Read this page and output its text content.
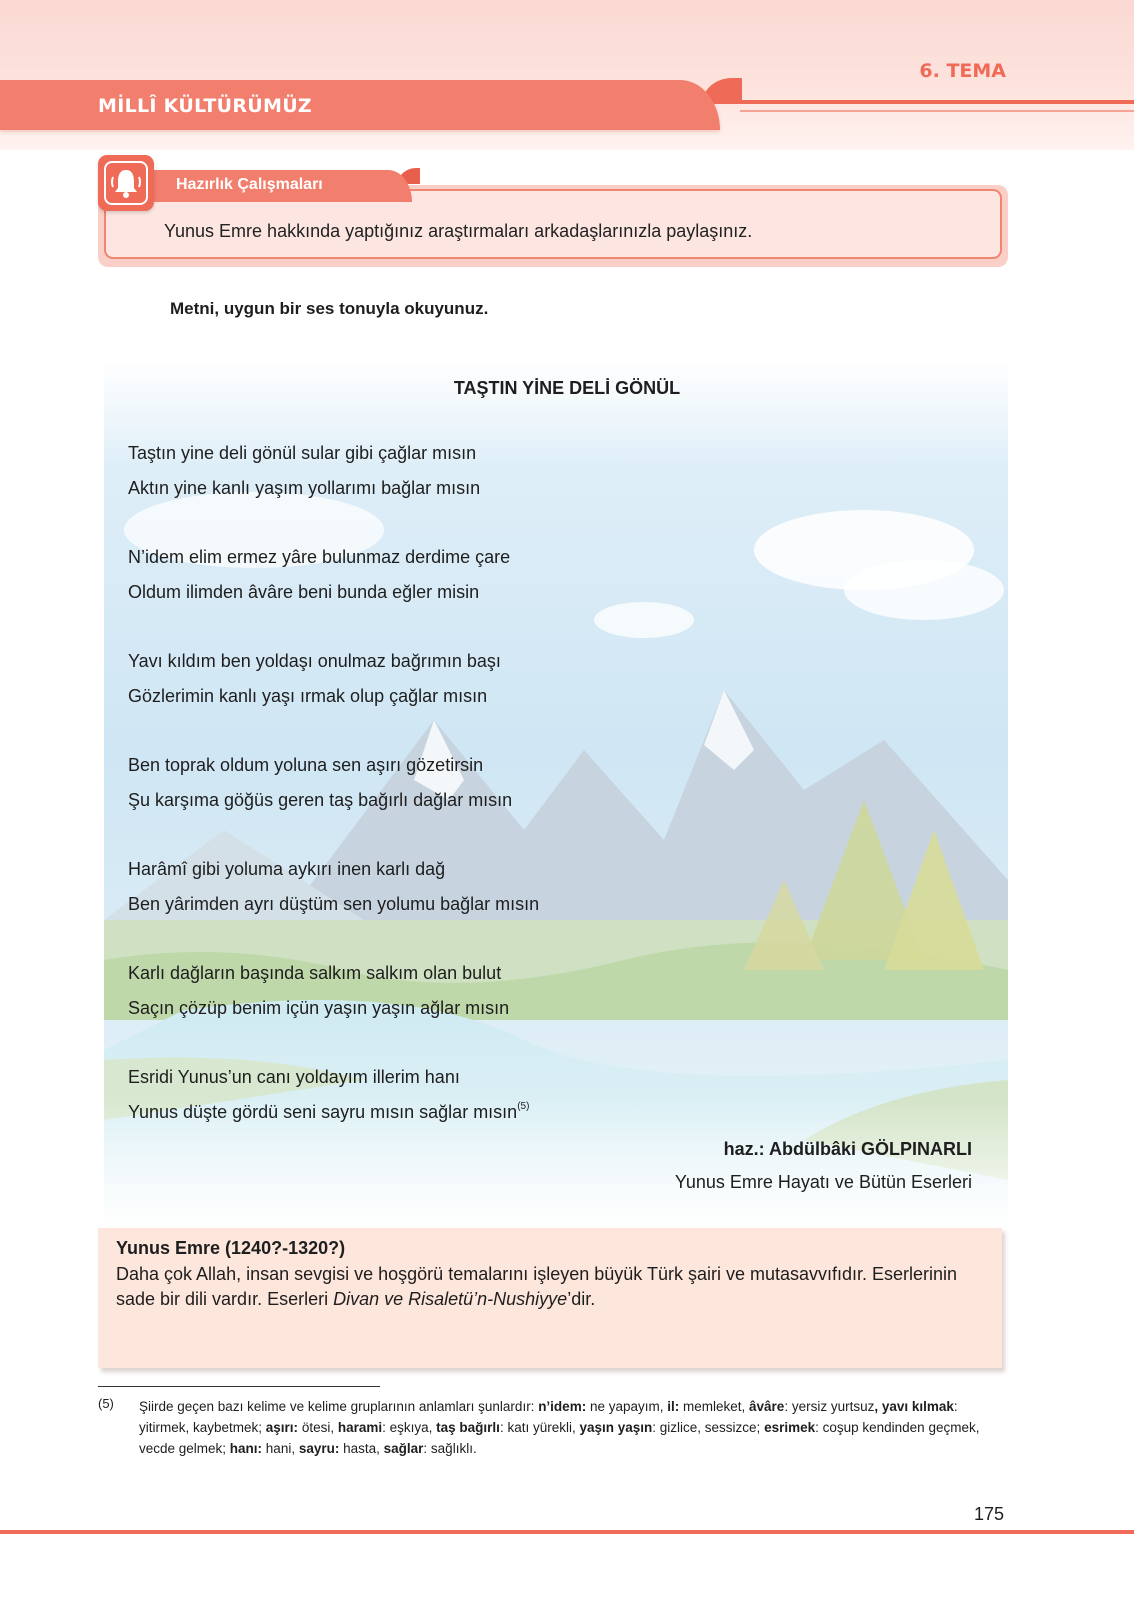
6. TEMA
MİLLÎ KÜLTÜRÜMÜZ
Hazırlık Çalışmaları
Yunus Emre hakkında yaptığınız araştırmaları arkadaşlarınızla paylaşınız.
Metni, uygun bir ses tonuyla okuyunuz.
TAŞTIN YİNE DELİ GÖNÜL
Taştın yine deli gönül sular gibi çağlar mısın
Aktın yine kanlı yaşım yollarımı bağlar mısın
N’idem elim ermez yâre bulunmaz derdime çare
Oldum ilimden âvâre beni bunda eğler misin
Yavı kıldım ben yoldaşı onulmaz bağrımın başı
Gözlerimin kanlı yaşı ırmak olup çağlar mısın
Ben toprak oldum yoluna sen aşırı gözetirsin
Şu karşıma göğüs geren taş bağırlı dağlar mısın
Harâmî gibi yoluma aykırı inen karlı dağ
Ben yârimden ayrı düştüm sen yolumu bağlar mısın
Karlı dağların başında salkım salkım olan bulut
Saçın çözüp benim içün yaşın yaşın ağlar mısın
Esridi Yunus’un canı yoldayım illerim hanı
Yunus düşte gördü seni sayru mısın sağlar mısın$^{(5)}$
haz.: Abdülbâki GÖLPINARLI
Yunus Emre Hayatı ve Bütün Eserleri
Yunus Emre (1240?-1320?)
Daha çok Allah, insan sevgisi ve hoşgörü temalarını işleyen büyük Türk şairi ve mutasavvıfıdır. Eserlerinin sade bir dili vardır. Eserleri Divan ve Risaletü’n-Nushiyye’dir.
(5) Şiirde geçen bazı kelime ve kelime gruplarının anlamları şunlardır: n’idem: ne yapayım, il: memleket, âvâre: yersiz yurtsuz, yavı kılmak: yitirmek, kaybetmek; aşırı: ötesi, harami: eşkıya, taş bağırlı: katı yürekli, yaşın yaşın: gizlice, sessizce; esrimek: coşup kendinden geçmek, vecde gelmek; hanı: hani, sayru: hasta, sağlar: sağlıklı.
175
